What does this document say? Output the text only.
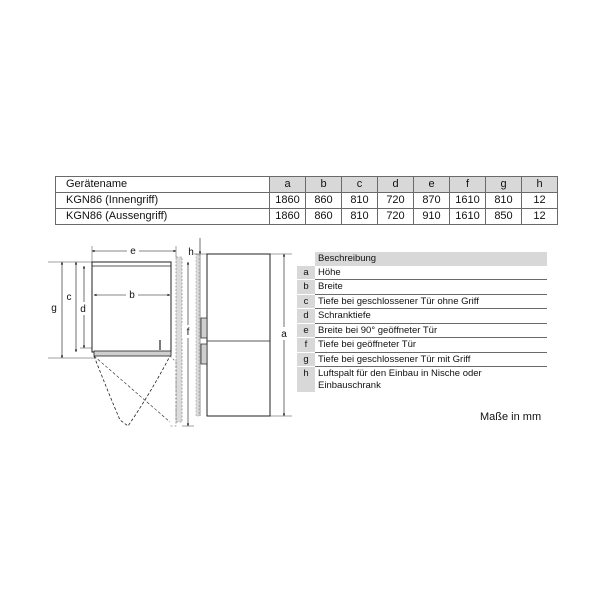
Gerätename	a	b	c	d	e	f	g	h
KGN86 (Innengriff)	1860	860	810	720	870	1610	810	12
KGN86 (Aussengriff)	1860	860	810	720	910	1610	850	12
e
b
g
c
d
f
h
a
	Beschreibung
a	Höhe
b	Breite
c	Tiefe bei geschlossener Tür ohne Griff
d	Schranktiefe
e	Breite bei 90° geöffneter Tür
f	Tiefe bei geöffneter Tür
g	Tiefe bei geschlossener Tür mit Griff
h	Luftspalt für den Einbau in Nische oder Einbauschrank
Maße in mm
